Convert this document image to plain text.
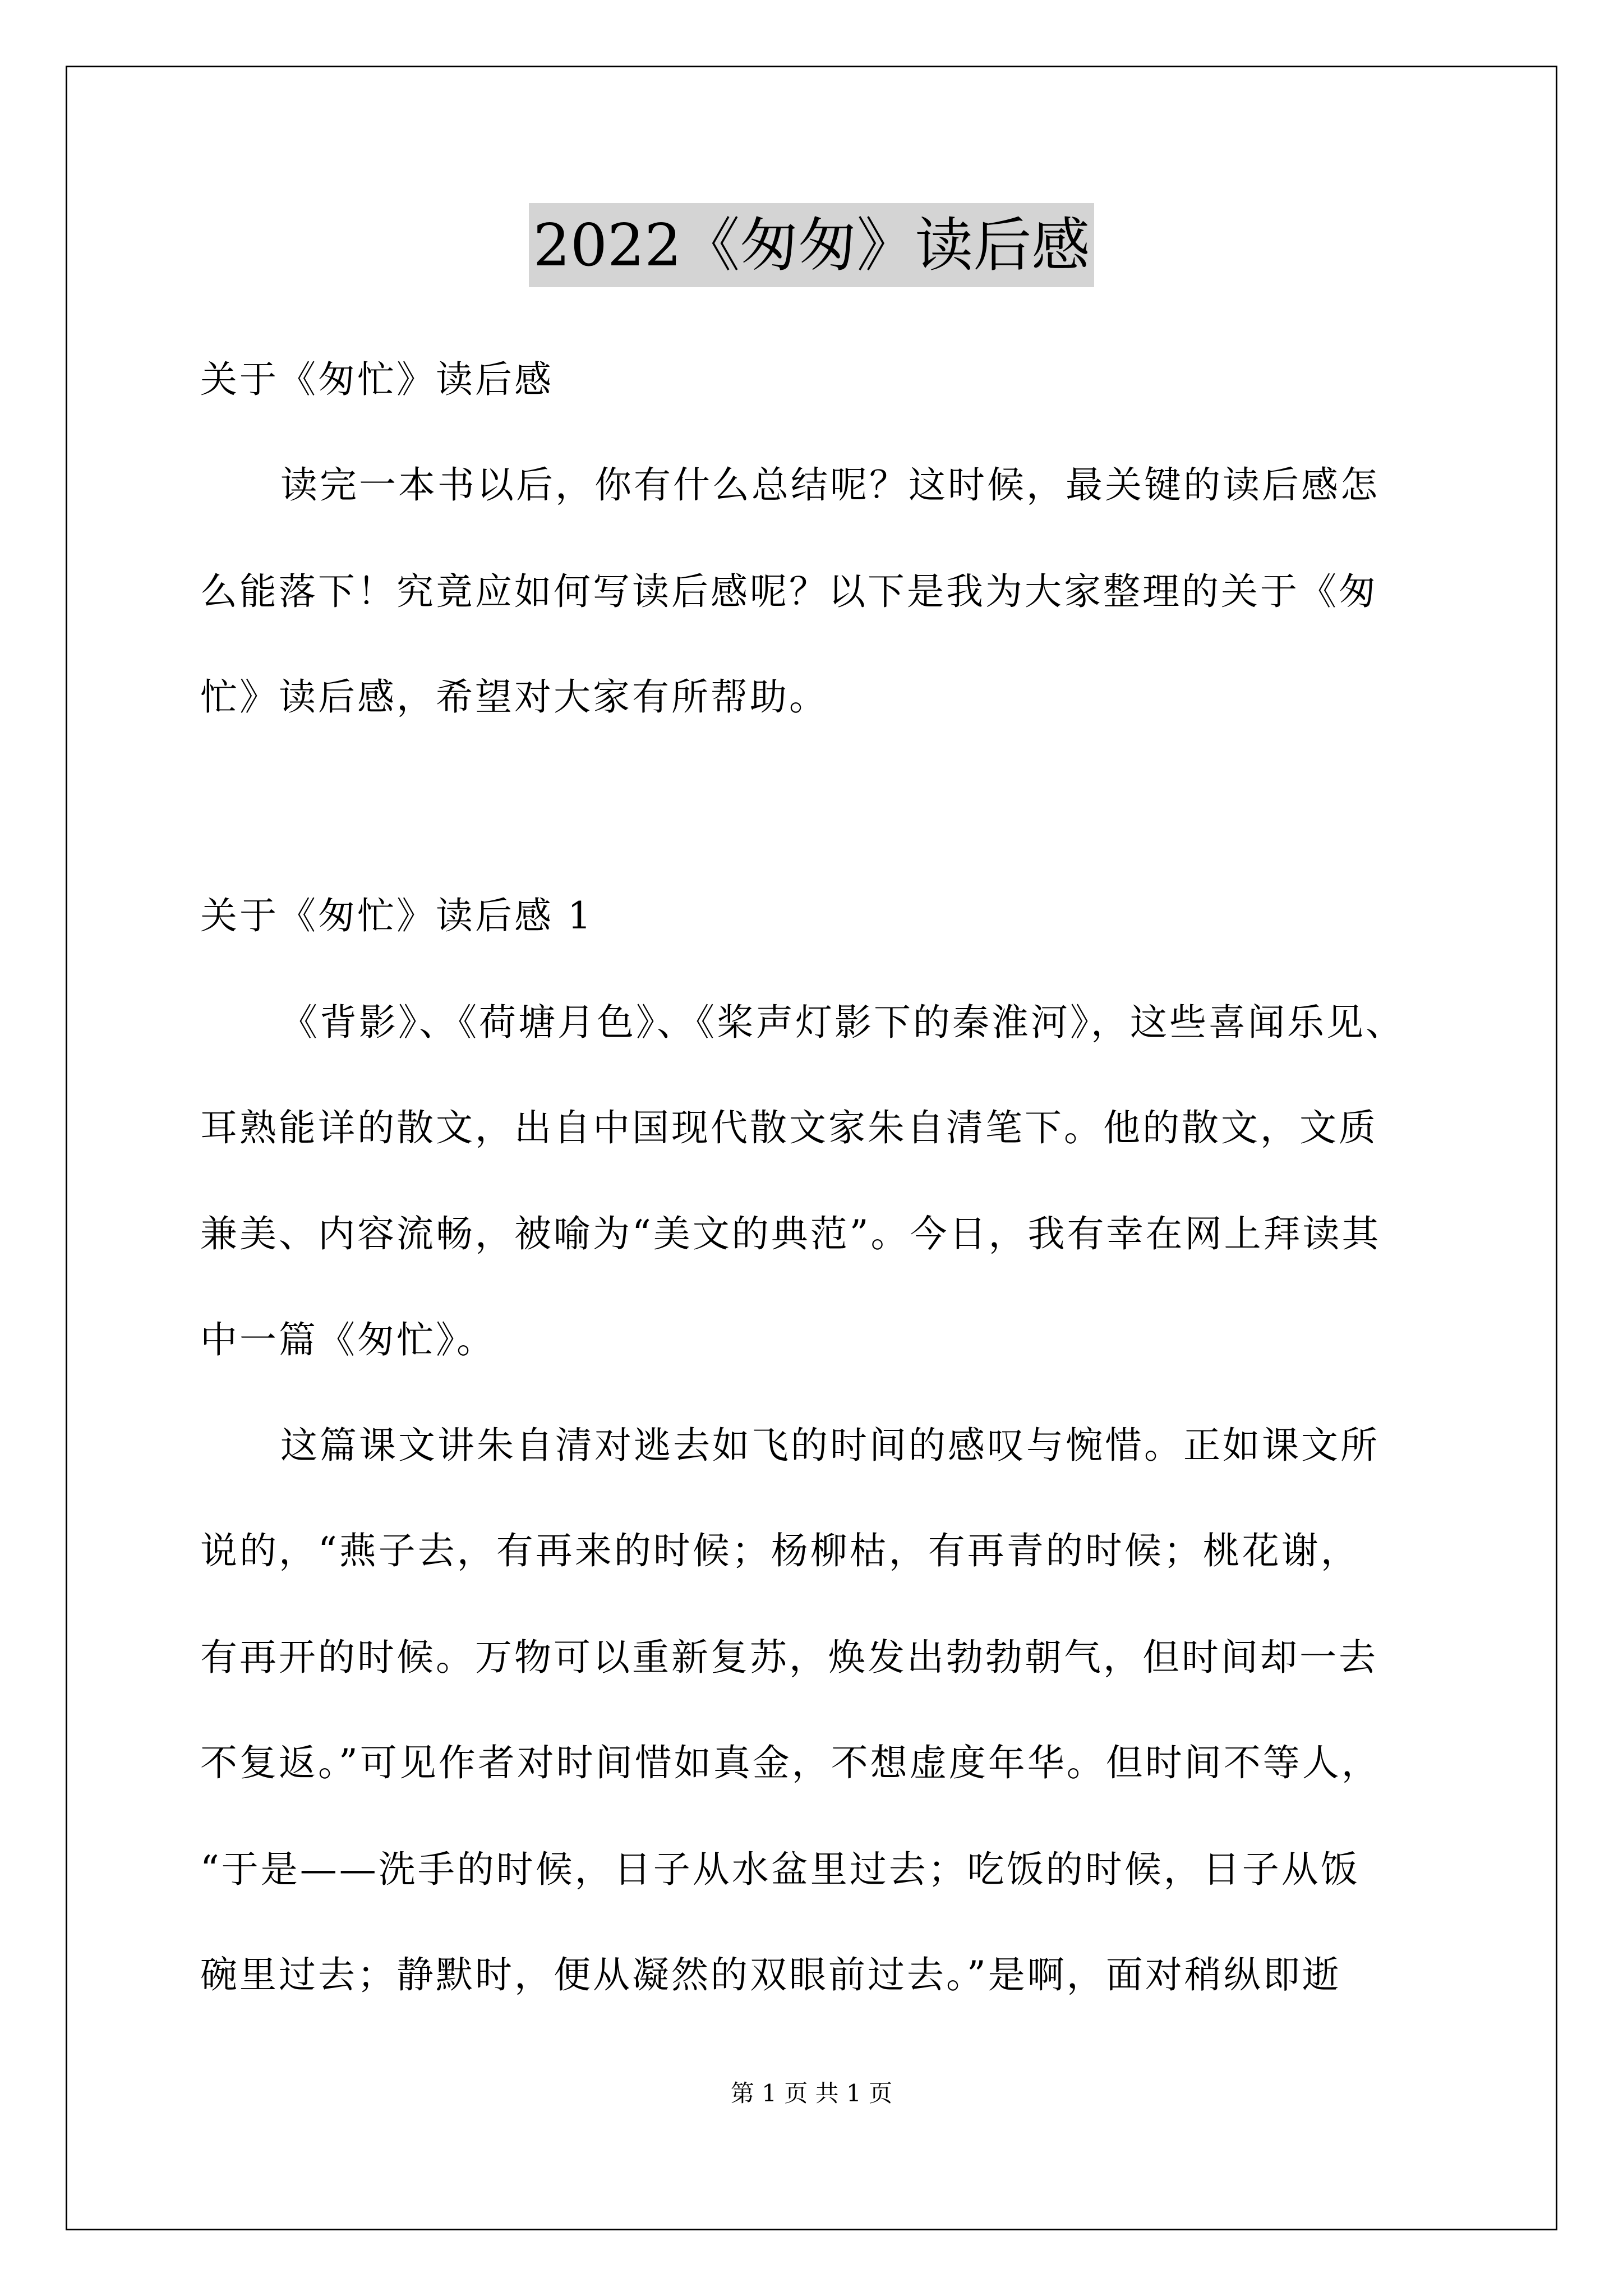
2022《匆匆》读后感
关于《匆忙》读后感
读完一本书以后，你有什么总结呢？这时候，最关键的读后感怎
么能落下！究竟应如何写读后感呢？以下是我为大家整理的关于《匆
忙》读后感，希望对大家有所帮助。
关于《匆忙》读后感 1
《背影》、《荷塘月色》、《桨声灯影下的秦淮河》，这些喜闻乐见、
耳熟能详的散文，出自中国现代散文家朱自清笔下。他的散文，文质
兼美、内容流畅，被喻为“美文的典范”。今日，我有幸在网上拜读其
中一篇《匆忙》。
这篇课文讲朱自清对逃去如飞的时间的感叹与惋惜。正如课文所
说的，“燕子去，有再来的时候；杨柳枯，有再青的时候；桃花谢，
有再开的时候。万物可以重新复苏，焕发出勃勃朝气，但时间却一去
不复返。”可见作者对时间惜如真金，不想虚度年华。但时间不等人，
“于是——洗手的时候，日子从水盆里过去；吃饭的时候，日子从饭
碗里过去；静默时，便从凝然的双眼前过去。”是啊，面对稍纵即逝
第 1 页 共 1 页
